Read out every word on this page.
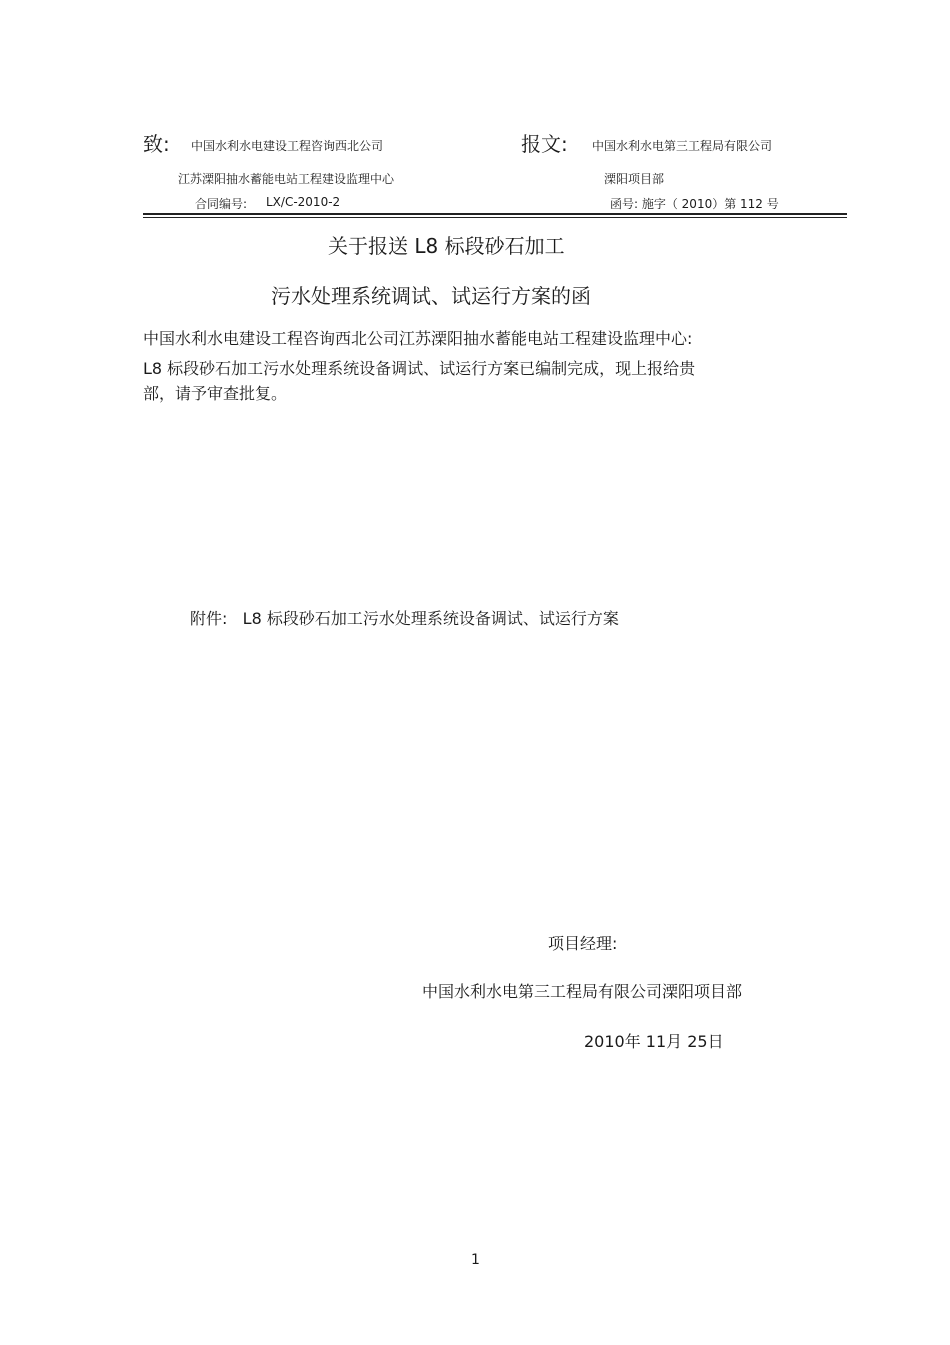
致: 中国水利水电建设工程咨询西北公司
江苏溧阳抽水蓄能电站工程建设监理中心
合同编号: LX/C-2010-2
报文: 中国水利水电第三工程局有限公司
溧阳项目部
函号: 施字（ 2010）第 112 号
关于报送 L8 标段砂石加工
污水处理系统调试、试运行方案的函
中国水利水电建设工程咨询西北公司江苏溧阳抽水蓄能电站工程建设监理中心:
L8 标段砂石加工污水处理系统设备调试、试运行方案已编制完成，现上报给贵
部，请予审查批复。
附件:   L8 标段砂石加工污水处理系统设备调试、试运行方案
项目经理:
中国水利水电第三工程局有限公司溧阳项目部
2010年 11月 25日
1
